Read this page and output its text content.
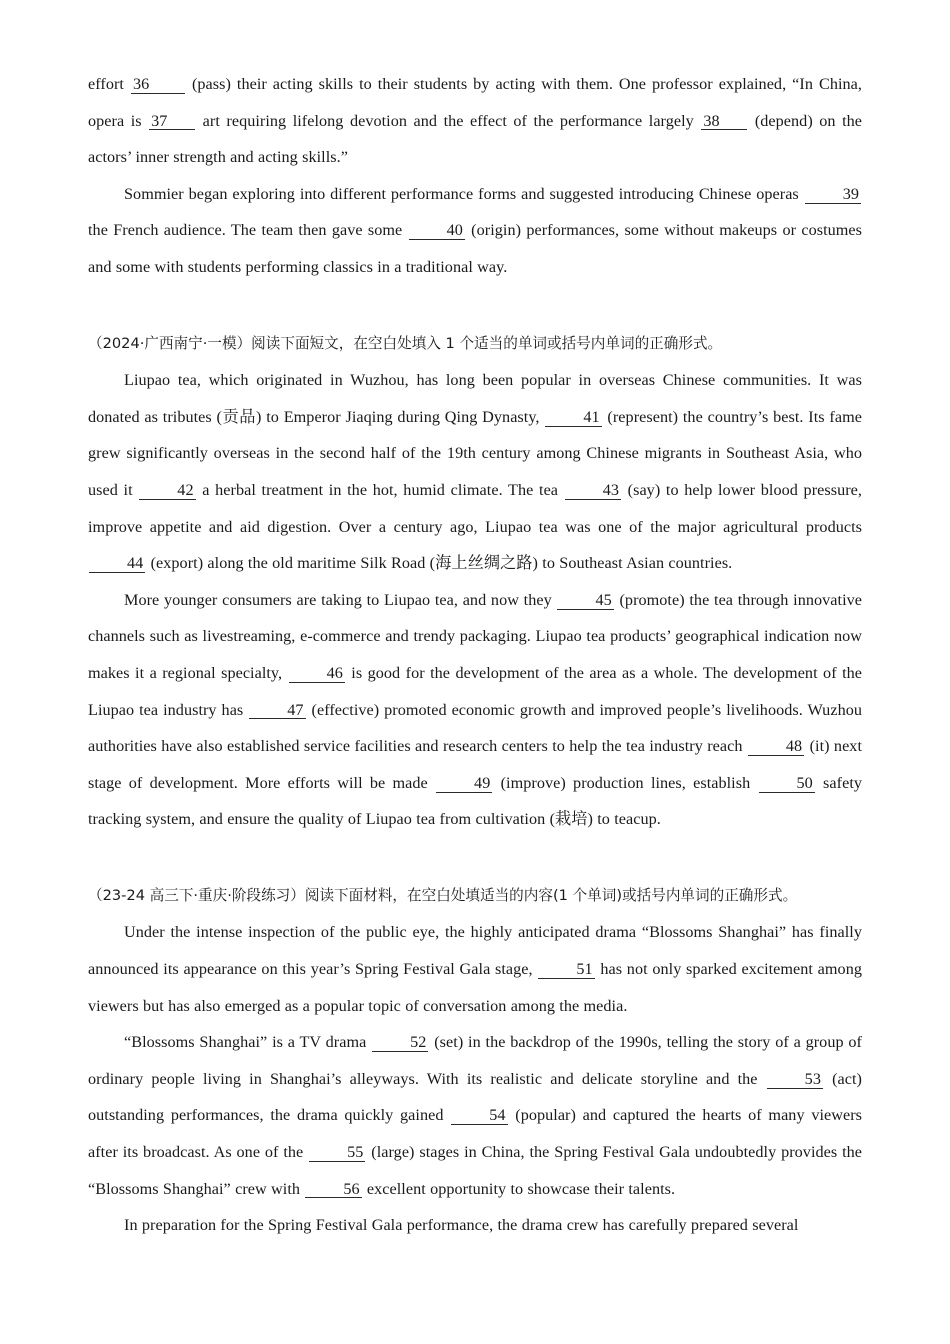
effort 36 (pass) their acting skills to their students by acting with them. One professor explained, “In China, opera is 37 art requiring lifelong devotion and the effect of the performance largely 38 (depend) on the actors’ inner strength and acting skills.”

Sommier began exploring into different performance forms and suggested introducing Chinese operas 39 the French audience. The team then gave some 40 (origin) performances, some without makeups or costumes and some with students performing classics in a traditional way.

（2024·广西南宁·一模）阅读下面短文，在空白处填入 1 个适当的单词或括号内单词的正确形式。

Liupao tea, which originated in Wuzhou, has long been popular in overseas Chinese communities. It was donated as tributes (贡品) to Emperor Jiaqing during Qing Dynasty, 41 (represent) the country’s best. Its fame grew significantly overseas in the second half of the 19th century among Chinese migrants in Southeast Asia, who used it 42 a herbal treatment in the hot, humid climate. The tea 43 (say) to help lower blood pressure, improve appetite and aid digestion. Over a century ago, Liupao tea was one of the major agricultural products 44 (export) along the old maritime Silk Road (海上丝绸之路) to Southeast Asian countries.

More younger consumers are taking to Liupao tea, and now they 45 (promote) the tea through innovative channels such as livestreaming, e-commerce and trendy packaging. Liupao tea products’ geographical indication now makes it a regional specialty, 46 is good for the development of the area as a whole. The development of the Liupao tea industry has 47 (effective) promoted economic growth and improved people’s livelihoods. Wuzhou authorities have also established service facilities and research centers to help the tea industry reach 48 (it) next stage of development. More efforts will be made 49 (improve) production lines, establish 50 safety tracking system, and ensure the quality of Liupao tea from cultivation (栽培) to teacup.

（23-24 高三下·重庆·阶段练习）阅读下面材料，在空白处填适当的内容(1 个单词)或括号内单词的正确形式。

Under the intense inspection of the public eye, the highly anticipated drama “Blossoms Shanghai” has finally announced its appearance on this year’s Spring Festival Gala stage, 51 has not only sparked excitement among viewers but has also emerged as a popular topic of conversation among the media.

“Blossoms Shanghai” is a TV drama 52 (set) in the backdrop of the 1990s, telling the story of a group of ordinary people living in Shanghai’s alleyways. With its realistic and delicate storyline and the 53 (act) outstanding performances, the drama quickly gained 54 (popular) and captured the hearts of many viewers after its broadcast. As one of the 55 (large) stages in China, the Spring Festival Gala undoubtedly provides the “Blossoms Shanghai” crew with 56 excellent opportunity to showcase their talents.

In preparation for the Spring Festival Gala performance, the drama crew has carefully prepared several
